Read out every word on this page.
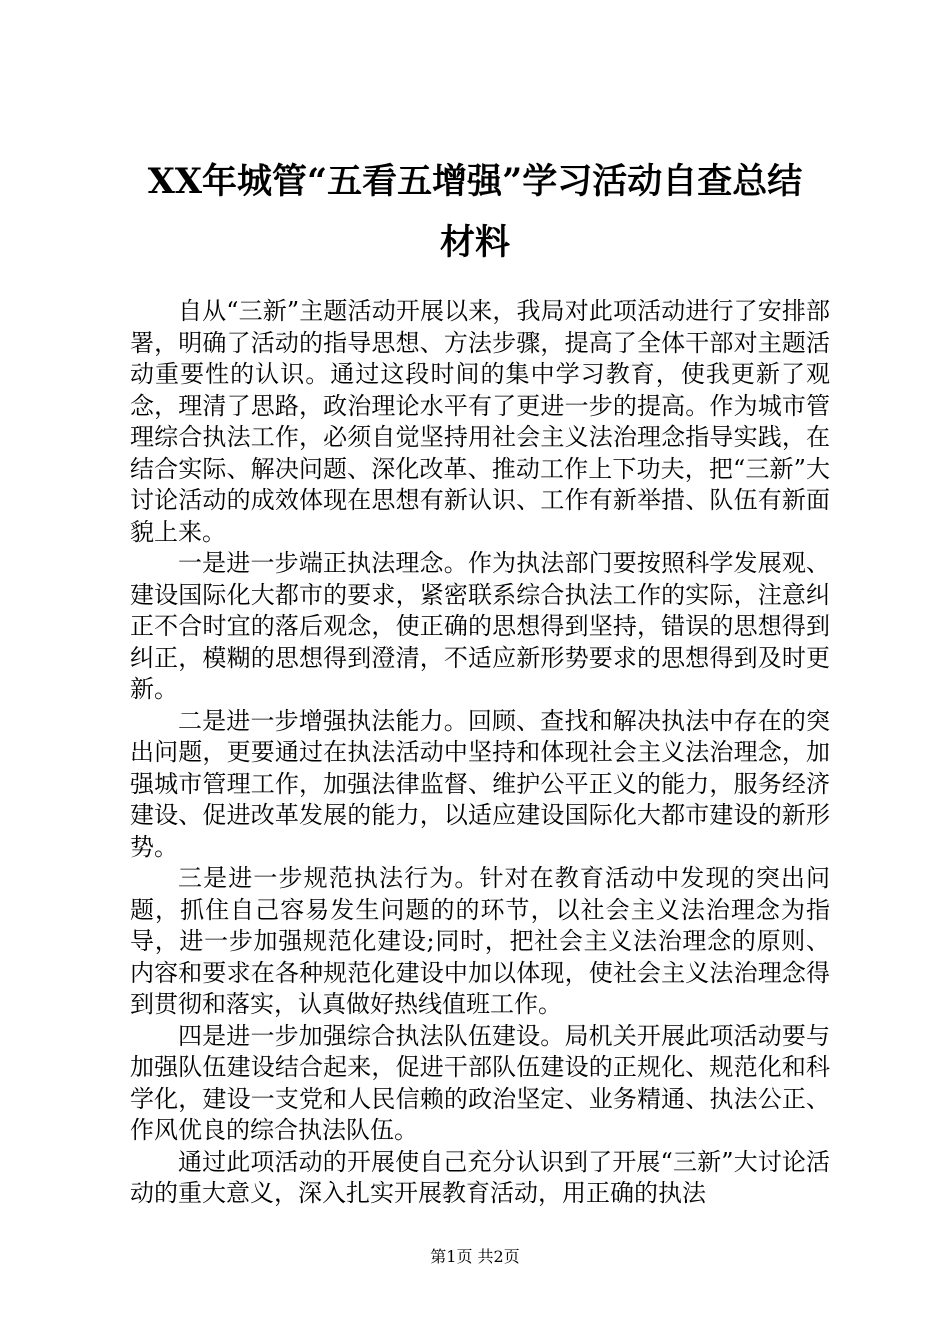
XX年城管“五看五增强”学习活动自查总结
材料

自从“三新”主题活动开展以来，我局对此项活动进行了安排部署，明确了活动的指导思想、方法步骤，提高了全体干部对主题活动重要性的认识。通过这段时间的集中学习教育，使我更新了观念，理清了思路，政治理论水平有了更进一步的提高。作为城市管理综合执法工作，必须自觉坚持用社会主义法治理念指导实践，在结合实际、解决问题、深化改革、推动工作上下功夫，把“三新”大讨论活动的成效体现在思想有新认识、工作有新举措、队伍有新面貌上来。

一是进一步端正执法理念。作为执法部门要按照科学发展观、建设国际化大都市的要求，紧密联系综合执法工作的实际，注意纠正不合时宜的落后观念，使正确的思想得到坚持，错误的思想得到纠正，模糊的思想得到澄清，不适应新形势要求的思想得到及时更新。

二是进一步增强执法能力。回顾、查找和解决执法中存在的突出问题，更要通过在执法活动中坚持和体现社会主义法治理念，加强城市管理工作，加强法律监督、维护公平正义的能力，服务经济建设、促进改革发展的能力，以适应建设国际化大都市建设的新形势。

三是进一步规范执法行为。针对在教育活动中发现的突出问题，抓住自己容易发生问题的的环节，以社会主义法治理念为指导，进一步加强规范化建设;同时，把社会主义法治理念的原则、内容和要求在各种规范化建设中加以体现，使社会主义法治理念得到贯彻和落实，认真做好热线值班工作。

四是进一步加强综合执法队伍建设。局机关开展此项活动要与加强队伍建设结合起来，促进干部队伍建设的正规化、规范化和科学化，建设一支党和人民信赖的政治坚定、业务精通、执法公正、作风优良的综合执法队伍。

通过此项活动的开展使自己充分认识到了开展“三新”大讨论活动的重大意义，深入扎实开展教育活动，用正确的执法

第1页 共2页
